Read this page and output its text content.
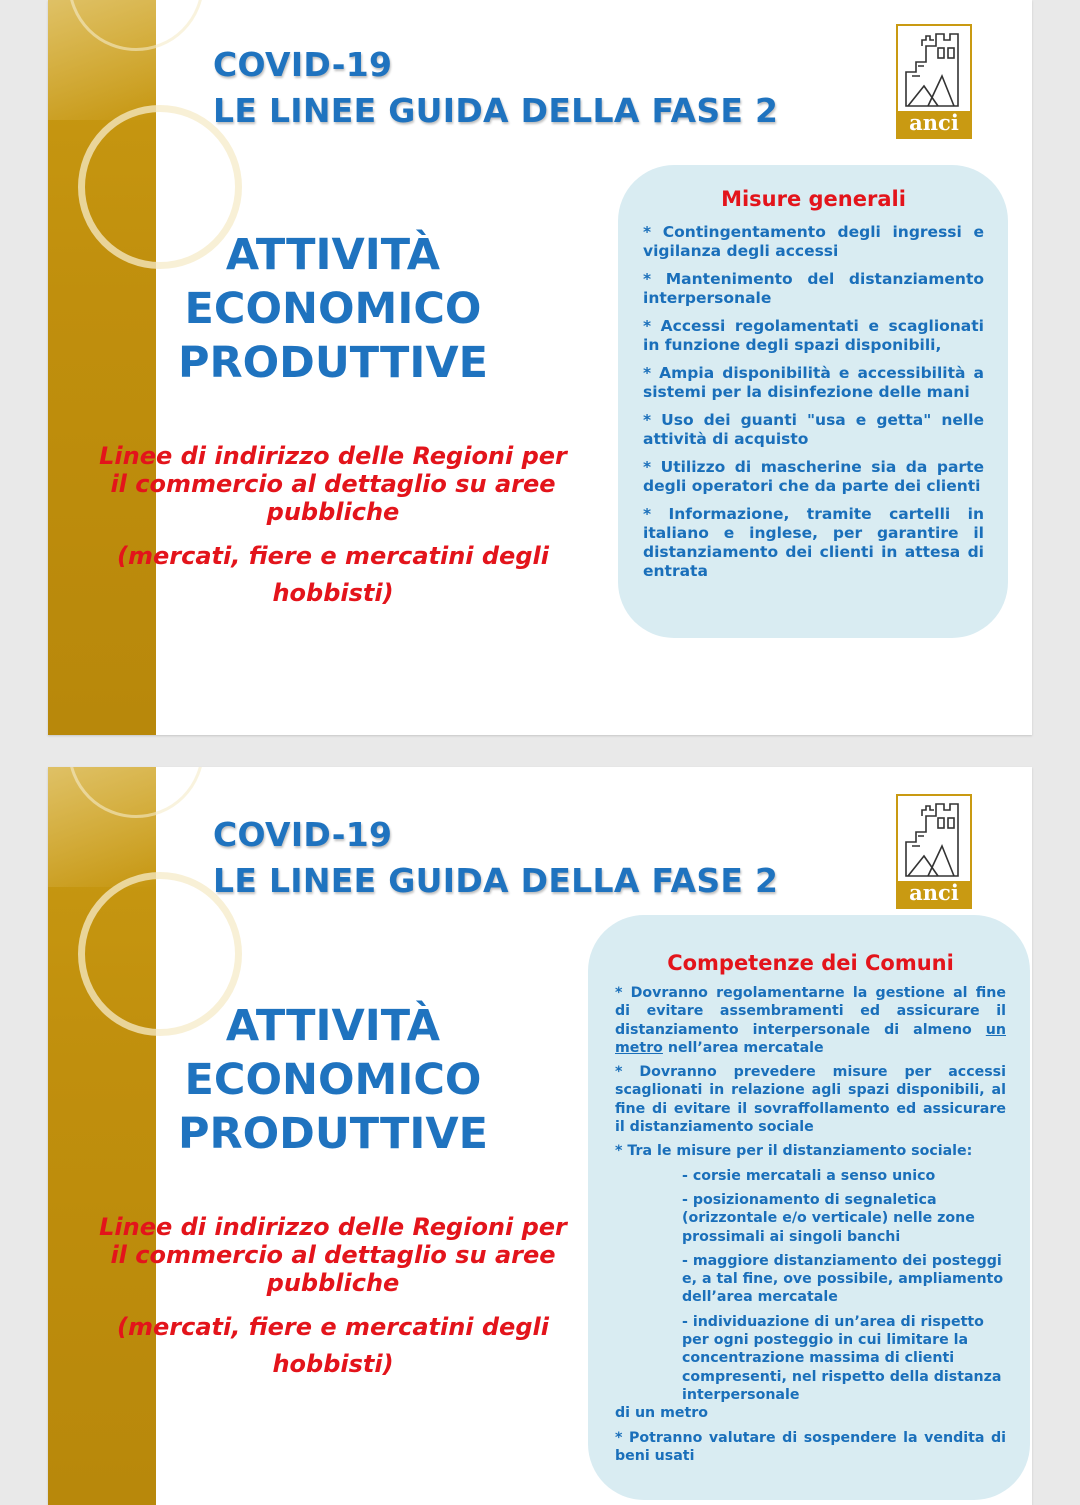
COVID-19
LE LINEE GUIDA DELLA FASE 2	anci
ATTIVITÀ
ECONOMICO
PRODUTTIVE
Linee di indirizzo delle Regioni per il commercio al dettaglio su aree pubbliche
(mercati, fiere e mercatini degli hobbisti)
Misure generali
* Contingentamento degli ingressi e vigilanza degli accessi
* Mantenimento del distanziamento interpersonale
* Accessi regolamentati e scaglionati in funzione degli spazi disponibili,
* Ampia disponibilità e accessibilità a sistemi per la disinfezione delle mani
* Uso dei guanti "usa e getta" nelle attività di acquisto
* Utilizzo di mascherine sia da parte degli operatori che da parte dei clienti
* Informazione, tramite cartelli in italiano e inglese, per garantire il distanziamento dei clienti in attesa di entrata
COVID-19
LE LINEE GUIDA DELLA FASE 2	anci
ATTIVITÀ
ECONOMICO
PRODUTTIVE
Linee di indirizzo delle Regioni per il commercio al dettaglio su aree pubbliche
(mercati, fiere e mercatini degli hobbisti)
Competenze dei Comuni
* Dovranno regolamentarne la gestione al fine di evitare assembramenti ed assicurare il distanziamento interpersonale di almeno un metro nell’area mercatale
* Dovranno prevedere misure per accessi scaglionati in relazione agli spazi disponibili, al fine di evitare il sovraffollamento ed assicurare il distanziamento sociale
* Tra le misure per il distanziamento sociale:
- corsie mercatali a senso unico
- posizionamento di segnaletica (orizzontale e/o verticale) nelle zone prossimali ai singoli banchi
- maggiore distanziamento dei posteggi e, a tal fine, ove possibile, ampliamento dell’area mercatale
- individuazione di un’area di rispetto per ogni posteggio in cui limitare la concentrazione massima di clienti compresenti, nel rispetto della distanza interpersonale
di un metro
* Potranno valutare di sospendere la vendita di beni usati
